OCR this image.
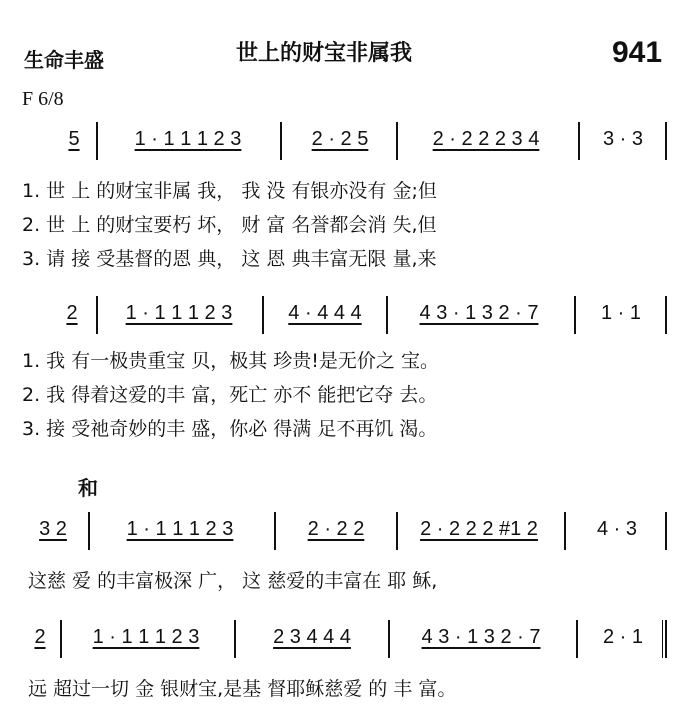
生命丰盛	世上的财宝非属我	941
F 6/8
5	1 · 1 1 1 2 3	2 · 2 5	2 · 2 2 2 3 4	3 · 3
1. 世 上 的财宝非属 我， 我 没 有银亦没有 金;但
2. 世 上 的财宝要朽 坏， 财 富 名誉都会消 失,但
3. 请 接 受基督的恩 典， 这 恩 典丰富无限 量,来
2	1 · 1 1 1 2 3	4 · 4 4 4	4 3 · 1 3 2 · 7	1 · 1
1. 我 有一极贵重宝 贝，极其 珍贵!是无价之 宝。
2. 我 得着这爱的丰 富，死亡 亦不 能把它夺 去。
3. 接 受祂奇妙的丰 盛，你必 得满 足不再饥 渴。
和
3 2	1 · 1 1 1 2 3	2 · 2 2	2 · 2 2 2 #1 2	4 · 3
这慈 爱 的丰富极深 广， 这 慈爱的丰富在 耶 稣,
2	1 · 1 1 1 2 3	2 3 4 4 4	4 3 · 1 3 2 · 7	2 · 1
远 超过一切 金 银财宝,是基 督耶稣慈爱 的 丰 富。
